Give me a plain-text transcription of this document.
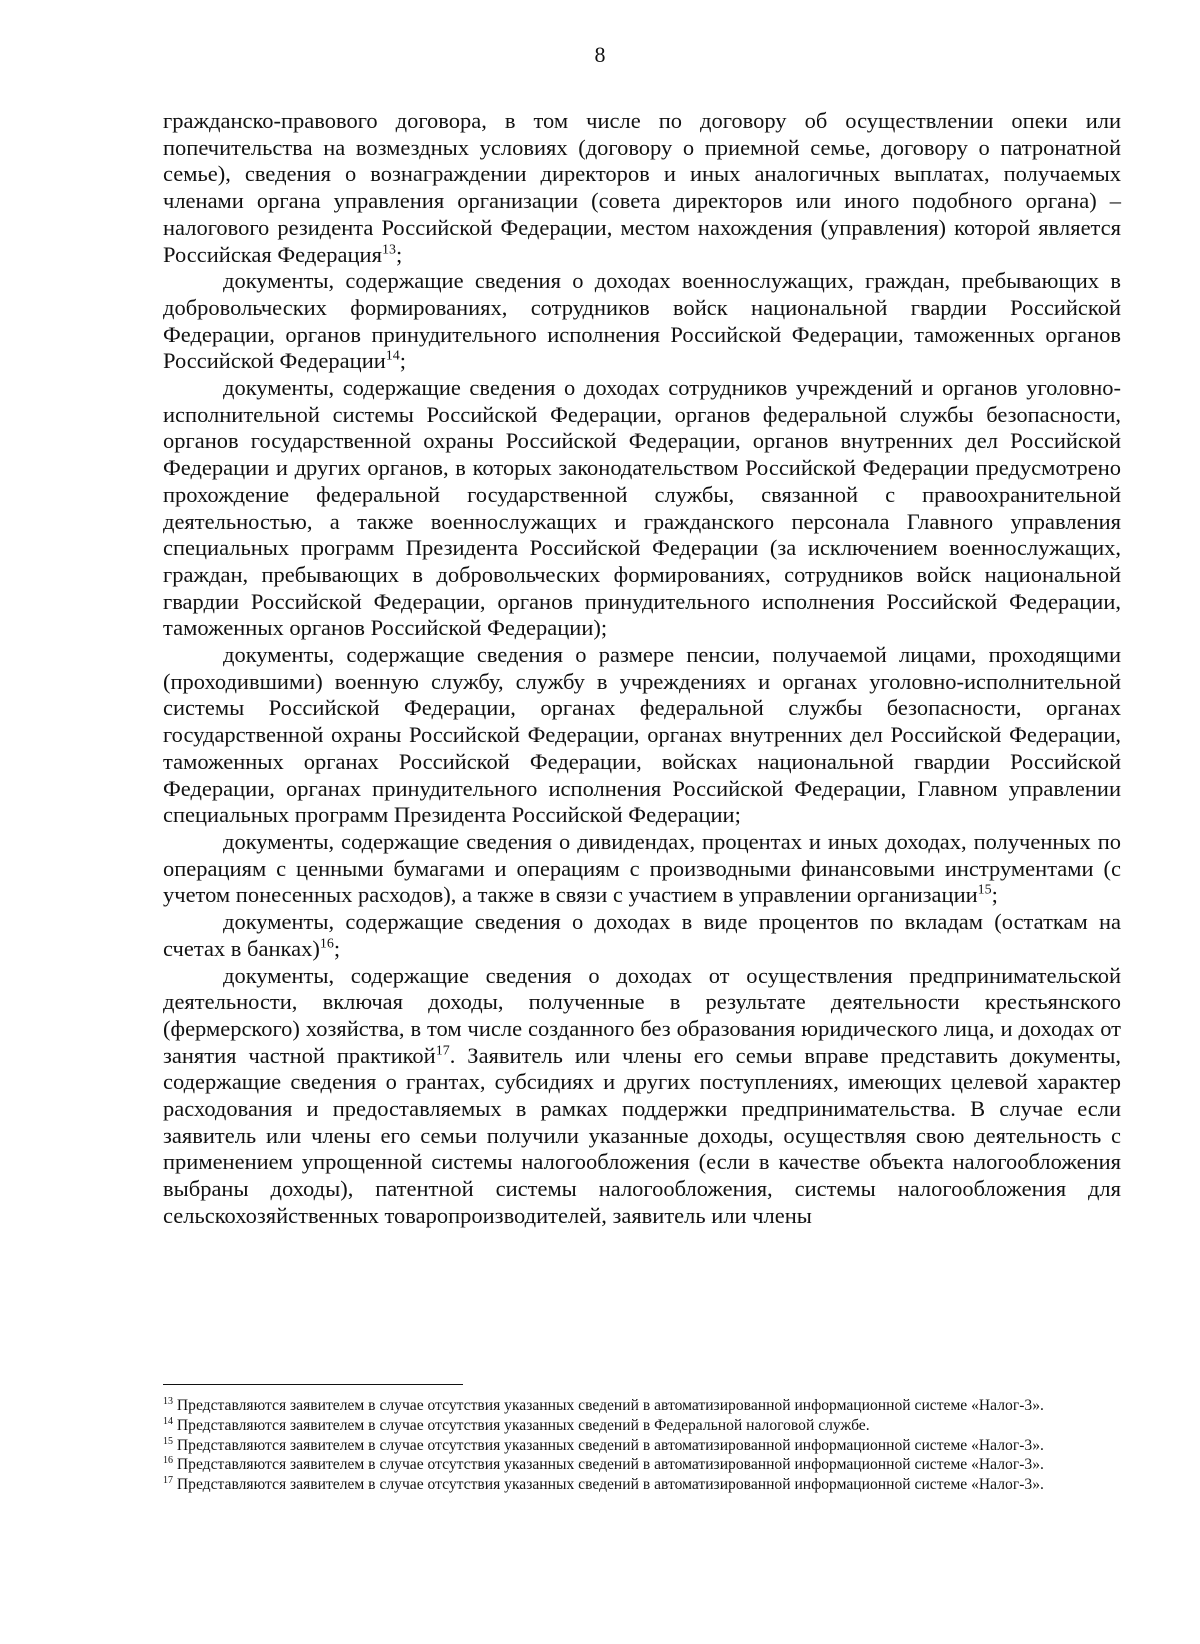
8

гражданско-правового договора, в том числе по договору об осуществлении опеки или попечительства на возмездных условиях (договору о приемной семье, договору о патронатной семье), сведения о вознаграждении директоров и иных аналогичных выплатах, получаемых членами органа управления организации (совета директоров или иного подобного органа) – налогового резидента Российской Федерации, местом нахождения (управления) которой является Российская Федерация$^{13}$;

документы, содержащие сведения о доходах военнослужащих, граждан, пребывающих в добровольческих формированиях, сотрудников войск национальной гвардии Российской Федерации, органов принудительного исполнения Российской Федерации, таможенных органов Российской Федерации$^{14}$;

документы, содержащие сведения о доходах сотрудников учреждений и органов уголовно-исполнительной системы Российской Федерации, органов федеральной службы безопасности, органов государственной охраны Российской Федерации, органов внутренних дел Российской Федерации и других органов, в которых законодательством Российской Федерации предусмотрено прохождение федеральной государственной службы, связанной с правоохранительной деятельностью, а также военнослужащих и гражданского персонала Главного управления специальных программ Президента Российской Федерации (за исключением военнослужащих, граждан, пребывающих в добровольческих формированиях, сотрудников войск национальной гвардии Российской Федерации, органов принудительного исполнения Российской Федерации, таможенных органов Российской Федерации);

документы, содержащие сведения о размере пенсии, получаемой лицами, проходящими (проходившими) военную службу, службу в учреждениях и органах уголовно-исполнительной системы Российской Федерации, органах федеральной службы безопасности, органах государственной охраны Российской Федерации, органах внутренних дел Российской Федерации, таможенных органах Российской Федерации, войсках национальной гвардии Российской Федерации, органах принудительного исполнения Российской Федерации, Главном управлении специальных программ Президента Российской Федерации;

документы, содержащие сведения о дивидендах, процентах и иных доходах, полученных по операциям с ценными бумагами и операциям с производными финансовыми инструментами (с учетом понесенных расходов), а также в связи с участием в управлении организации$^{15}$;

документы, содержащие сведения о доходах в виде процентов по вкладам (остаткам на счетах в банках)$^{16}$;

документы, содержащие сведения о доходах от осуществления предпринимательской деятельности, включая доходы, полученные в результате деятельности крестьянского (фермерского) хозяйства, в том числе созданного без образования юридического лица, и доходах от занятия частной практикой$^{17}$. Заявитель или члены его семьи вправе представить документы, содержащие сведения о грантах, субсидиях и других поступлениях, имеющих целевой характер расходования и предоставляемых в рамках поддержки предпринимательства. В случае если заявитель или члены его семьи получили указанные доходы, осуществляя свою деятельность с применением упрощенной системы налогообложения (если в качестве объекта налогообложения выбраны доходы), патентной системы налогообложения, системы налогообложения для сельскохозяйственных товаропроизводителей, заявитель или члены

$^{13}$ Представляются заявителем в случае отсутствия указанных сведений в автоматизированной информационной системе «Налог-3».

$^{14}$ Представляются заявителем в случае отсутствия указанных сведений в Федеральной налоговой службе.

$^{15}$ Представляются заявителем в случае отсутствия указанных сведений в автоматизированной информационной системе «Налог-3».

$^{16}$ Представляются заявителем в случае отсутствия указанных сведений в автоматизированной информационной системе «Налог-3».

$^{17}$ Представляются заявителем в случае отсутствия указанных сведений в автоматизированной информационной системе «Налог-3».
